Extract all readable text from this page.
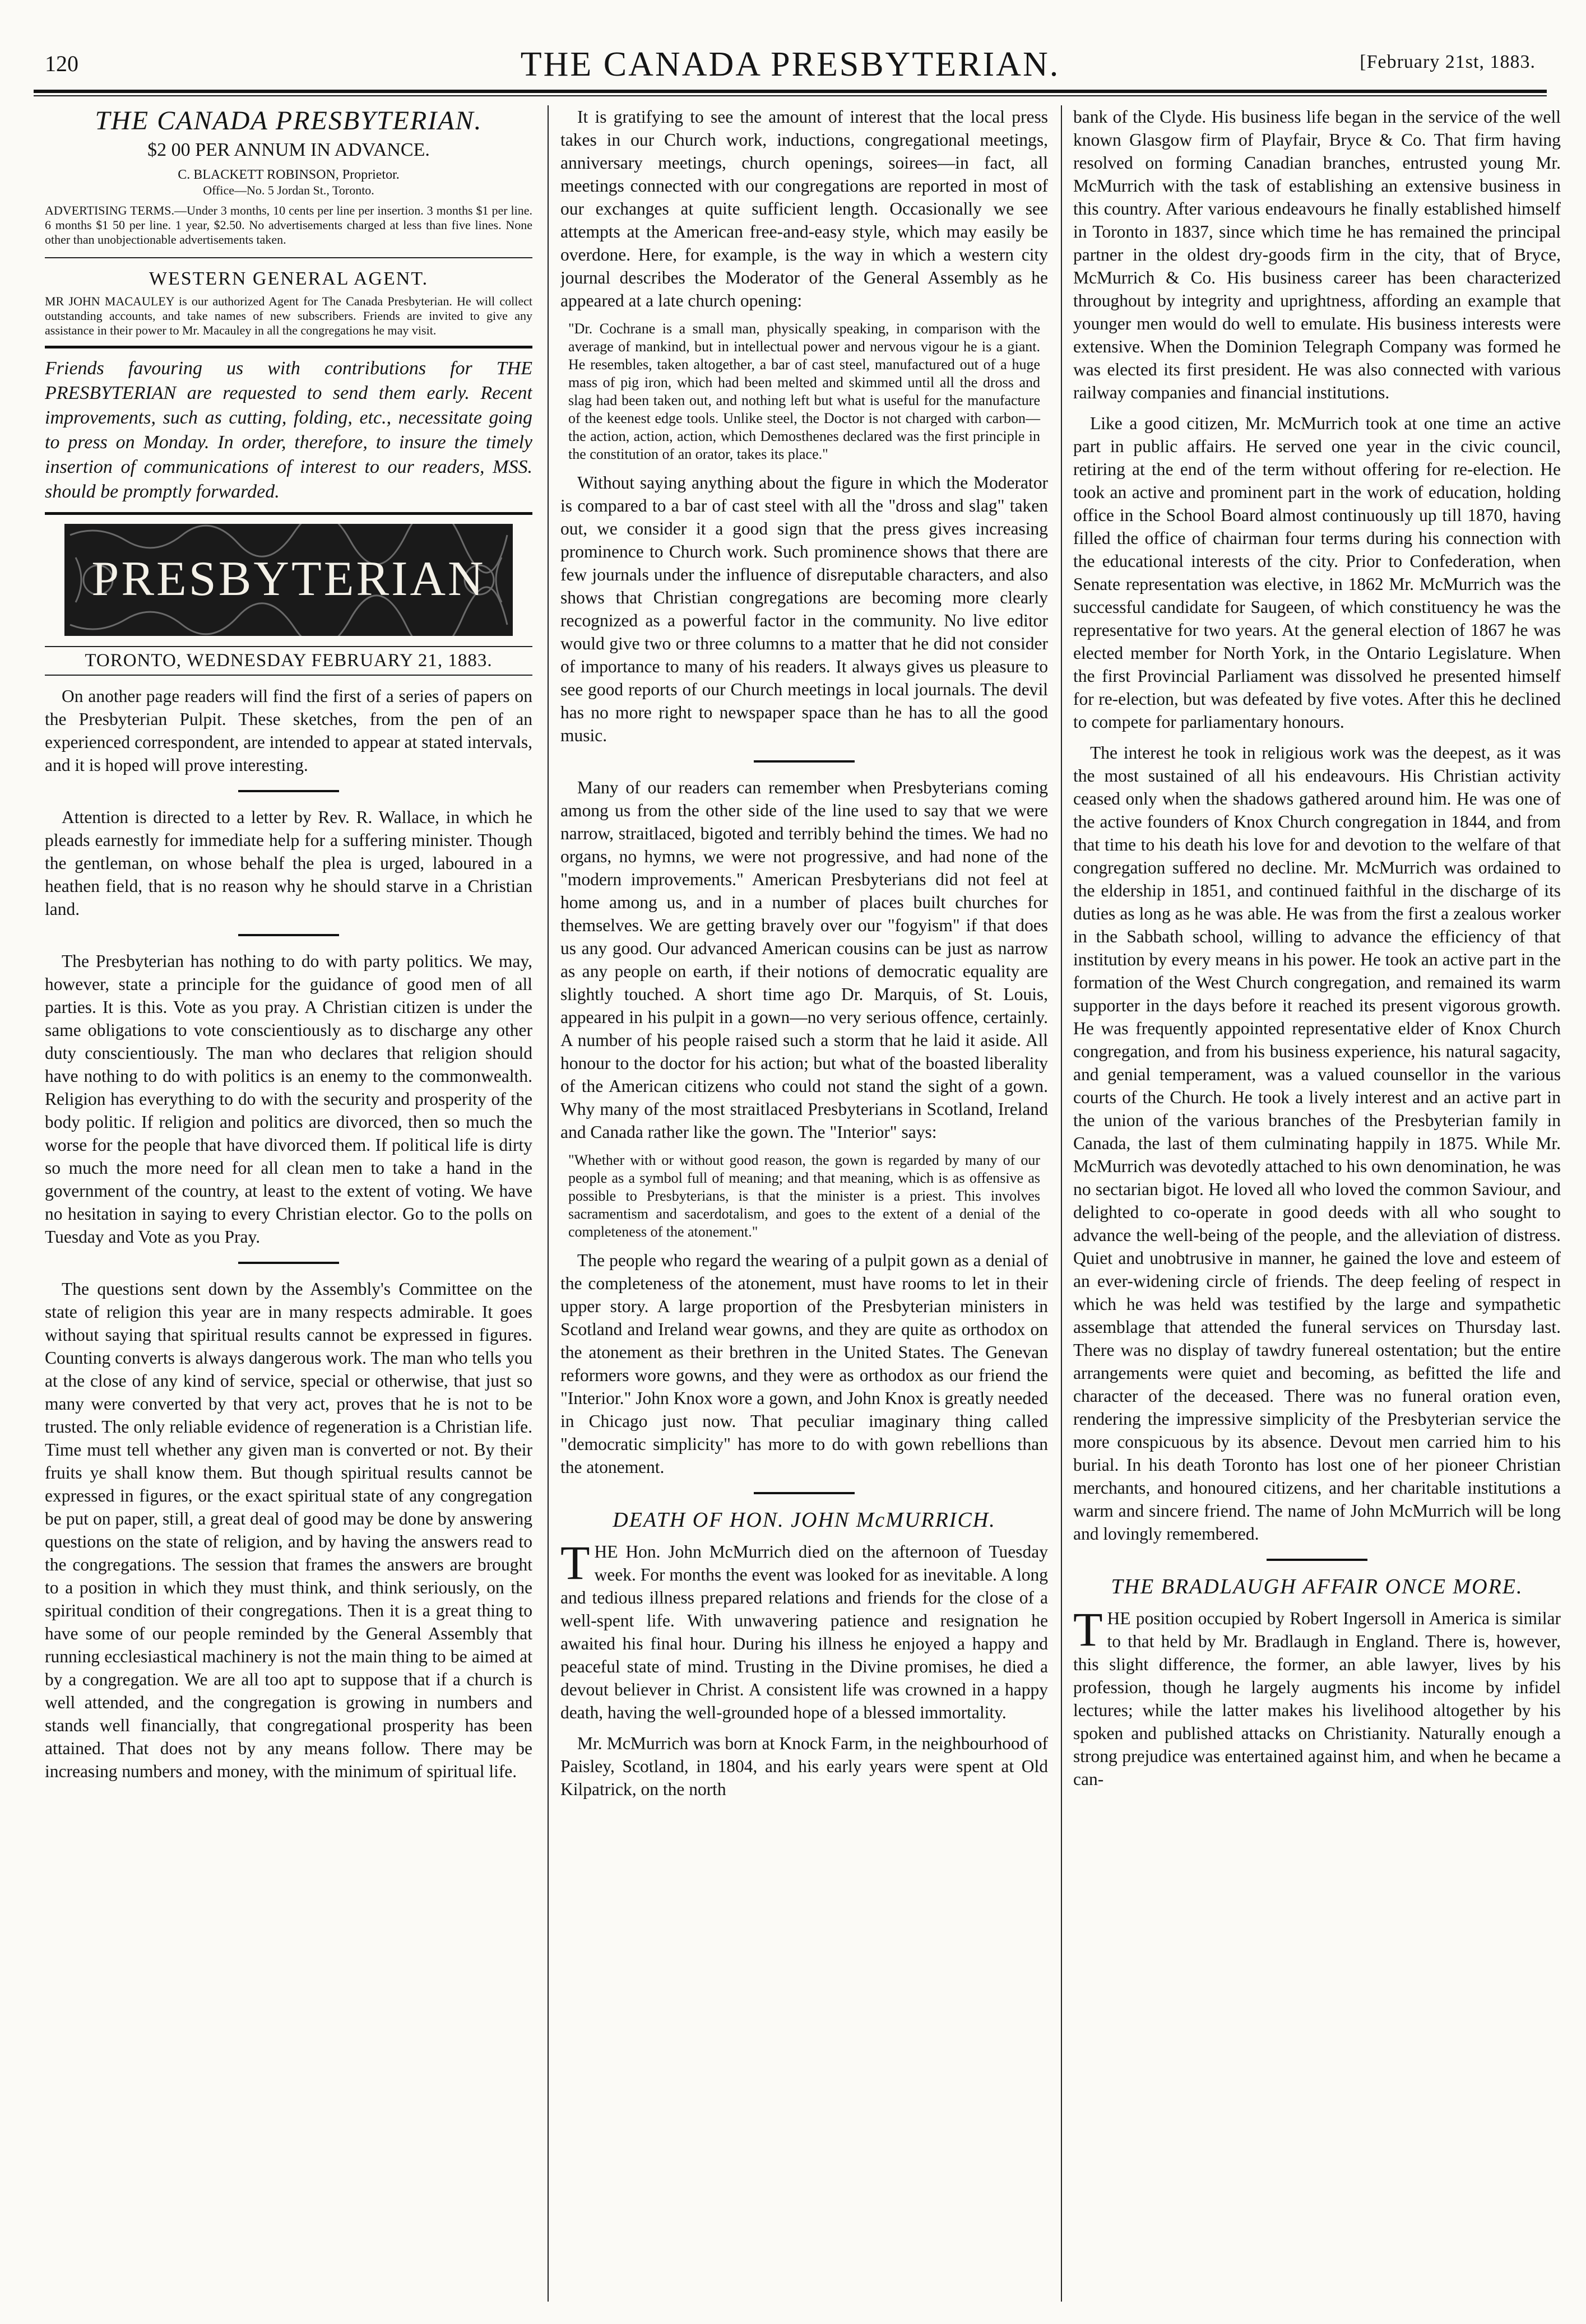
120	THE CANADA PRESBYTERIAN.	[February 21st, 1883.
THE CANADA PRESBYTERIAN.

$2 00 PER ANNUM IN ADVANCE.

C. BLACKETT ROBINSON, Proprietor.

Office—No. 5 Jordan St., Toronto.

ADVERTISING TERMS.—Under 3 months, 10 cents per line per insertion. 3 months $1 per line. 6 months $1 50 per line. 1 year, $2.50. No advertisements charged at less than five lines. None other than unobjectionable advertisements taken.

WESTERN GENERAL AGENT.

MR JOHN MACAULEY is our authorized Agent for The Canada Presbyterian. He will collect outstanding accounts, and take names of new subscribers. Friends are invited to give any assistance in their power to Mr. Macauley in all the congregations he may visit.

Friends favouring us with contributions for THE PRESBYTERIAN are requested to send them early. Recent improvements, such as cutting, folding, etc., necessitate going to press on Monday. In order, therefore, to insure the timely insertion of communications of interest to our readers, MSS. should be promptly forwarded.

PRESBYTERIAN
TORONTO, WEDNESDAY FEBRUARY 21, 1883.

On another page readers will find the first of a series of papers on the Presbyterian Pulpit. These sketches, from the pen of an experienced correspondent, are intended to appear at stated intervals, and it is hoped will prove interesting.

Attention is directed to a letter by Rev. R. Wallace, in which he pleads earnestly for immediate help for a suffering minister. Though the gentleman, on whose behalf the plea is urged, laboured in a heathen field, that is no reason why he should starve in a Christian land.

The Presbyterian has nothing to do with party politics. We may, however, state a principle for the guidance of good men of all parties. It is this. Vote as you pray. A Christian citizen is under the same obligations to vote conscientiously as to discharge any other duty conscientiously. The man who declares that religion should have nothing to do with politics is an enemy to the commonwealth. Religion has everything to do with the security and prosperity of the body politic. If religion and politics are divorced, then so much the worse for the people that have divorced them. If political life is dirty so much the more need for all clean men to take a hand in the government of the country, at least to the extent of voting. We have no hesitation in saying to every Christian elector. Go to the polls on Tuesday and Vote as you Pray.

The questions sent down by the Assembly's Committee on the state of religion this year are in many respects admirable. It goes without saying that spiritual results cannot be expressed in figures. Counting converts is always dangerous work. The man who tells you at the close of any kind of service, special or otherwise, that just so many were converted by that very act, proves that he is not to be trusted. The only reliable evidence of regeneration is a Christian life. Time must tell whether any given man is converted or not. By their fruits ye shall know them. But though spiritual results cannot be expressed in figures, or the exact spiritual state of any congregation be put on paper, still, a great deal of good may be done by answering questions on the state of religion, and by having the answers read to the congregations. The session that frames the answers are brought to a position in which they must think, and think seriously, on the spiritual condition of their congregations. Then it is a great thing to have some of our people reminded by the General Assembly that running ecclesiastical machinery is not the main thing to be aimed at by a congregation. We are all too apt to suppose that if a church is well attended, and the congregation is growing in numbers and stands well financially, that congregational prosperity has been attained. That does not by any means follow. There may be increasing numbers and money, with the minimum of spiritual life.

It is gratifying to see the amount of interest that the local press takes in our Church work, inductions, congregational meetings, anniversary meetings, church openings, soirees—in fact, all meetings connected with our congregations are reported in most of our exchanges at quite sufficient length. Occasionally we see attempts at the American free-and-easy style, which may easily be overdone. Here, for example, is the way in which a western city journal describes the Moderator of the General Assembly as he appeared at a late church opening:

"Dr. Cochrane is a small man, physically speaking, in comparison with the average of mankind, but in intellectual power and nervous vigour he is a giant. He resembles, taken altogether, a bar of cast steel, manufactured out of a huge mass of pig iron, which had been melted and skimmed until all the dross and slag had been taken out, and nothing left but what is useful for the manufacture of the keenest edge tools. Unlike steel, the Doctor is not charged with carbon—the action, action, action, which Demosthenes declared was the first principle in the constitution of an orator, takes its place."

Without saying anything about the figure in which the Moderator is compared to a bar of cast steel with all the "dross and slag" taken out, we consider it a good sign that the press gives increasing prominence to Church work. Such prominence shows that there are few journals under the influence of disreputable characters, and also shows that Christian congregations are becoming more clearly recognized as a powerful factor in the community. No live editor would give two or three columns to a matter that he did not consider of importance to many of his readers. It always gives us pleasure to see good reports of our Church meetings in local journals. The devil has no more right to newspaper space than he has to all the good music.

Many of our readers can remember when Presbyterians coming among us from the other side of the line used to say that we were narrow, straitlaced, bigoted and terribly behind the times. We had no organs, no hymns, we were not progressive, and had none of the "modern improvements." American Presbyterians did not feel at home among us, and in a number of places built churches for themselves. We are getting bravely over our "fogyism" if that does us any good. Our advanced American cousins can be just as narrow as any people on earth, if their notions of democratic equality are slightly touched. A short time ago Dr. Marquis, of St. Louis, appeared in his pulpit in a gown—no very serious offence, certainly. A number of his people raised such a storm that he laid it aside. All honour to the doctor for his action; but what of the boasted liberality of the American citizens who could not stand the sight of a gown. Why many of the most straitlaced Presbyterians in Scotland, Ireland and Canada rather like the gown. The "Interior" says:

"Whether with or without good reason, the gown is regarded by many of our people as a symbol full of meaning; and that meaning, which is as offensive as possible to Presbyterians, is that the minister is a priest. This involves sacramentism and sacerdotalism, and goes to the extent of a denial of the completeness of the atonement."

The people who regard the wearing of a pulpit gown as a denial of the completeness of the atonement, must have rooms to let in their upper story. A large proportion of the Presbyterian ministers in Scotland and Ireland wear gowns, and they are quite as orthodox on the atonement as their brethren in the United States. The Genevan reformers wore gowns, and they were as orthodox as our friend the "Interior." John Knox wore a gown, and John Knox is greatly needed in Chicago just now. That peculiar imaginary thing called "democratic simplicity" has more to do with gown rebellions than the atonement.

DEATH OF HON. JOHN McMURRICH.

THE Hon. John McMurrich died on the afternoon of Tuesday week. For months the event was looked for as inevitable. A long and tedious illness prepared relations and friends for the close of a well-spent life. With unwavering patience and resignation he awaited his final hour. During his illness he enjoyed a happy and peaceful state of mind. Trusting in the Divine promises, he died a devout believer in Christ. A consistent life was crowned in a happy death, having the well-grounded hope of a blessed immortality.

Mr. McMurrich was born at Knock Farm, in the neighbourhood of Paisley, Scotland, in 1804, and his early years were spent at Old Kilpatrick, on the north

bank of the Clyde. His business life began in the service of the well known Glasgow firm of Playfair, Bryce & Co. That firm having resolved on forming Canadian branches, entrusted young Mr. McMurrich with the task of establishing an extensive business in this country. After various endeavours he finally established himself in Toronto in 1837, since which time he has remained the principal partner in the oldest dry-goods firm in the city, that of Bryce, McMurrich & Co. His business career has been characterized throughout by integrity and uprightness, affording an example that younger men would do well to emulate. His business interests were extensive. When the Dominion Telegraph Company was formed he was elected its first president. He was also connected with various railway companies and financial institutions.

Like a good citizen, Mr. McMurrich took at one time an active part in public affairs. He served one year in the civic council, retiring at the end of the term without offering for re-election. He took an active and prominent part in the work of education, holding office in the School Board almost continuously up till 1870, having filled the office of chairman four terms during his connection with the educational interests of the city. Prior to Confederation, when Senate representation was elective, in 1862 Mr. McMurrich was the successful candidate for Saugeen, of which constituency he was the representative for two years. At the general election of 1867 he was elected member for North York, in the Ontario Legislature. When the first Provincial Parliament was dissolved he presented himself for re-election, but was defeated by five votes. After this he declined to compete for parliamentary honours.

The interest he took in religious work was the deepest, as it was the most sustained of all his endeavours. His Christian activity ceased only when the shadows gathered around him. He was one of the active founders of Knox Church congregation in 1844, and from that time to his death his love for and devotion to the welfare of that congregation suffered no decline. Mr. McMurrich was ordained to the eldership in 1851, and continued faithful in the discharge of its duties as long as he was able. He was from the first a zealous worker in the Sabbath school, willing to advance the efficiency of that institution by every means in his power. He took an active part in the formation of the West Church congregation, and remained its warm supporter in the days before it reached its present vigorous growth. He was frequently appointed representative elder of Knox Church congregation, and from his business experience, his natural sagacity, and genial temperament, was a valued counsellor in the various courts of the Church. He took a lively interest and an active part in the union of the various branches of the Presbyterian family in Canada, the last of them culminating happily in 1875. While Mr. McMurrich was devotedly attached to his own denomination, he was no sectarian bigot. He loved all who loved the common Saviour, and delighted to co-operate in good deeds with all who sought to advance the well-being of the people, and the alleviation of distress. Quiet and unobtrusive in manner, he gained the love and esteem of an ever-widening circle of friends. The deep feeling of respect in which he was held was testified by the large and sympathetic assemblage that attended the funeral services on Thursday last. There was no display of tawdry funereal ostentation; but the entire arrangements were quiet and becoming, as befitted the life and character of the deceased. There was no funeral oration even, rendering the impressive simplicity of the Presbyterian service the more conspicuous by its absence. Devout men carried him to his burial. In his death Toronto has lost one of her pioneer Christian merchants, and honoured citizens, and her charitable institutions a warm and sincere friend. The name of John McMurrich will be long and lovingly remembered.

THE BRADLAUGH AFFAIR ONCE MORE.

THE position occupied by Robert Ingersoll in America is similar to that held by Mr. Bradlaugh in England. There is, however, this slight difference, the former, an able lawyer, lives by his profession, though he largely augments his income by infidel lectures; while the latter makes his livelihood altogether by his spoken and published attacks on Christianity. Naturally enough a strong prejudice was entertained against him, and when he became a can-
